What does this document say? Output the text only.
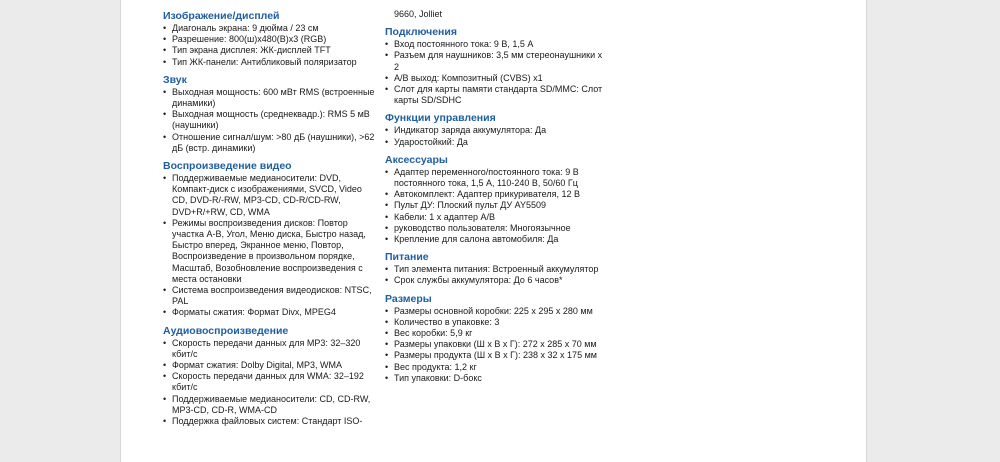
Изображение/дисплей
• Диагональ экрана: 9 дюйма / 23 см
• Разрешение: 800(ш)x480(В)x3 (RGB)
• Тип экрана дисплея: ЖК-дисплей TFT
• Тип ЖК-панели: Антибликовый поляризатор
Звук
• Выходная мощность: 600 мВт RMS (встроенные динамики)
• Выходная мощность (среднеквадр.): RMS 5 мВ (наушники)
• Отношение сигнал/шум: >80 дБ (наушники), >62 дБ (встр. динамики)
Воспроизведение видео
• Поддерживаемые медианосители: DVD, Компакт-диск с изображениями, SVCD, Video CD, DVD-R/-RW, MP3-CD, CD-R/CD-RW, DVD+R/+RW, CD, WMA
• Режимы воспроизведения дисков: Повтор участка A-B, Угол, Меню диска, Быстро назад, Быстро вперед, Экранное меню, Повтор, Воспроизведение в произвольном порядке, Масштаб, Возобновление воспроизведения с места остановки
• Система воспроизведения видеодисков: NTSC, PAL
• Форматы сжатия: Формат Divx, MPEG4
Аудиовоспроизведение
• Скорость передачи данных для MP3: 32–320 кбит/с
• Формат сжатия: Dolby Digital, MP3, WMA
• Скорость передачи данных для WMA: 32–192 кбит/с
• Поддерживаемые медианосители: CD, CD-RW, MP3-CD, CD-R, WMA-CD
• Поддержка файловых систем: Стандарт ISO-
9660, Jolliet
Подключения
• Вход постоянного тока: 9 В, 1,5 А
• Разъем для наушников: 3,5 мм стереонаушники x 2
• A/B выход: Композитный (CVBS) x1
• Слот для карты памяти стандарта SD/MMC: Слот карты SD/SDHC
Функции управления
• Индикатор заряда аккумулятора: Да
• Ударостойкий: Да
Аксессуары
• Адаптер переменного/постоянного тока: 9 В постоянного тока, 1,5 A, 110-240 В, 50/60 Гц
• Автокомплект: Адаптер прикуривателя, 12 В
• Пульт ДУ: Плоский пульт ДУ AY5509
• Кабели: 1 x адаптер A/B
• руководство пользователя: Многоязычное
• Крепление для салона автомобиля: Да
Питание
• Тип элемента питания: Встроенный аккумулятор
• Срок службы аккумулятора: До 6 часов*
Размеры
• Размеры основной коробки: 225 x 295 x 280 мм
• Количество в упаковке: 3
• Вес коробки: 5,9 кг
• Размеры упаковки (Ш x В x Г): 272 x 285 x 70 мм
• Размеры продукта (Ш x В x Г): 238 x 32 x 175 мм
• Вес продукта: 1,2 кг
• Тип упаковки: D-бокс
